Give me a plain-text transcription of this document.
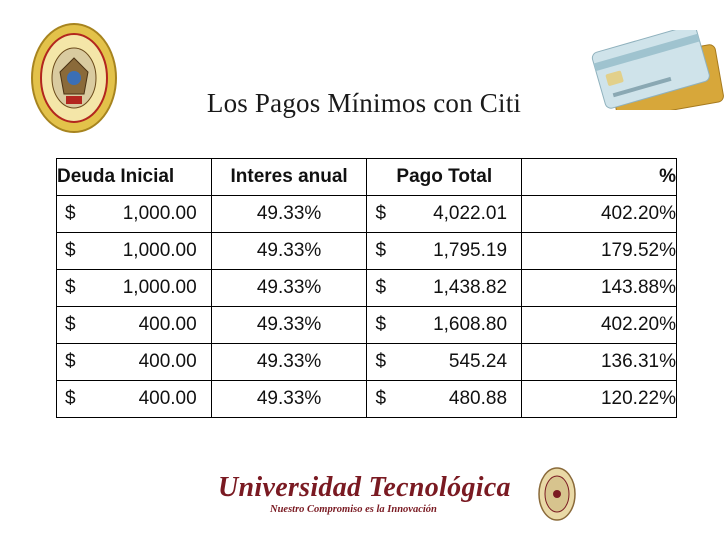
Los Pagos Mínimos con Citi
Deuda Inicial	Interes anual	Pago Total	%

$ 1,000.00	49.33%	$ 4,022.01	402.20%

$ 1,000.00	49.33%	$ 1,795.19	179.52%

$ 1,000.00	49.33%	$ 1,438.82	143.88%

$ 400.00	49.33%	$ 1,608.80	402.20%

$ 400.00	49.33%	$ 545.24	136.31%

$ 400.00	49.33%	$ 480.88	120.22%
Universidad Tecnológica
Nuestro Compromiso es la Innovación
